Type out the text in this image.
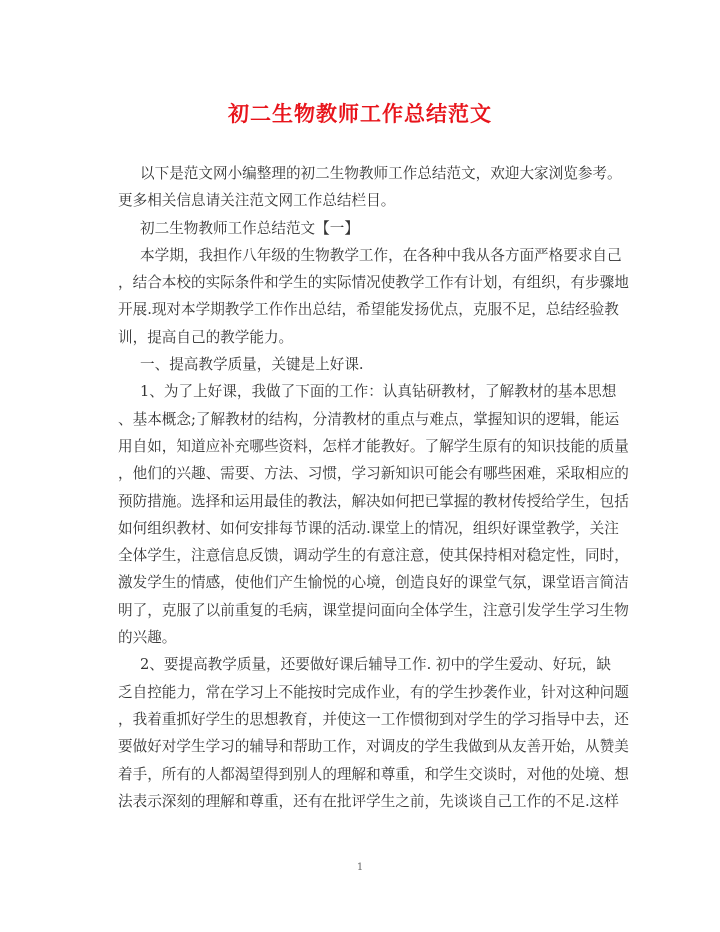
初二生物教师工作总结范文
以下是范文网小编整理的初二生物教师工作总结范文，欢迎大家浏览参考。
更多相关信息请关注范文网工作总结栏目。
初二生物教师工作总结范文【一】
本学期，我担作八年级的生物教学工作，在各种中我从各方面严格要求自己
，结合本校的实际条件和学生的实际情况使教学工作有计划，有组织，有步骤地
开展.现对本学期教学工作作出总结，希望能发扬优点，克服不足，总结经验教
训，提高自己的教学能力。
一、提高教学质量，关键是上好课.
1、为了上好课，我做了下面的工作：认真钻研教材，了解教材的基本思想
、基本概念;了解教材的结构，分清教材的重点与难点，掌握知识的逻辑，能运
用自如，知道应补充哪些资料，怎样才能教好。了解学生原有的知识技能的质量
，他们的兴趣、需要、方法、习惯，学习新知识可能会有哪些困难，采取相应的
预防措施。选择和运用最佳的教法，解决如何把已掌握的教材传授给学生，包括
如何组织教材、如何安排每节课的活动.课堂上的情况，组织好课堂教学，关注
全体学生，注意信息反馈，调动学生的有意注意，使其保持相对稳定性，同时，
激发学生的情感，使他们产生愉悦的心境，创造良好的课堂气氛，课堂语言简洁
明了，克服了以前重复的毛病，课堂提问面向全体学生，注意引发学生学习生物
的兴趣。
2、要提高教学质量，还要做好课后辅导工作. 初中的学生爱动、好玩，缺
乏自控能力，常在学习上不能按时完成作业，有的学生抄袭作业，针对这种问题
，我着重抓好学生的思想教育，并使这一工作惯彻到对学生的学习指导中去，还
要做好对学生学习的辅导和帮助工作，对调皮的学生我做到从友善开始，从赞美
着手，所有的人都渴望得到别人的理解和尊重，和学生交谈时，对他的处境、想
法表示深刻的理解和尊重，还有在批评学生之前，先谈谈自己工作的不足.这样
1
